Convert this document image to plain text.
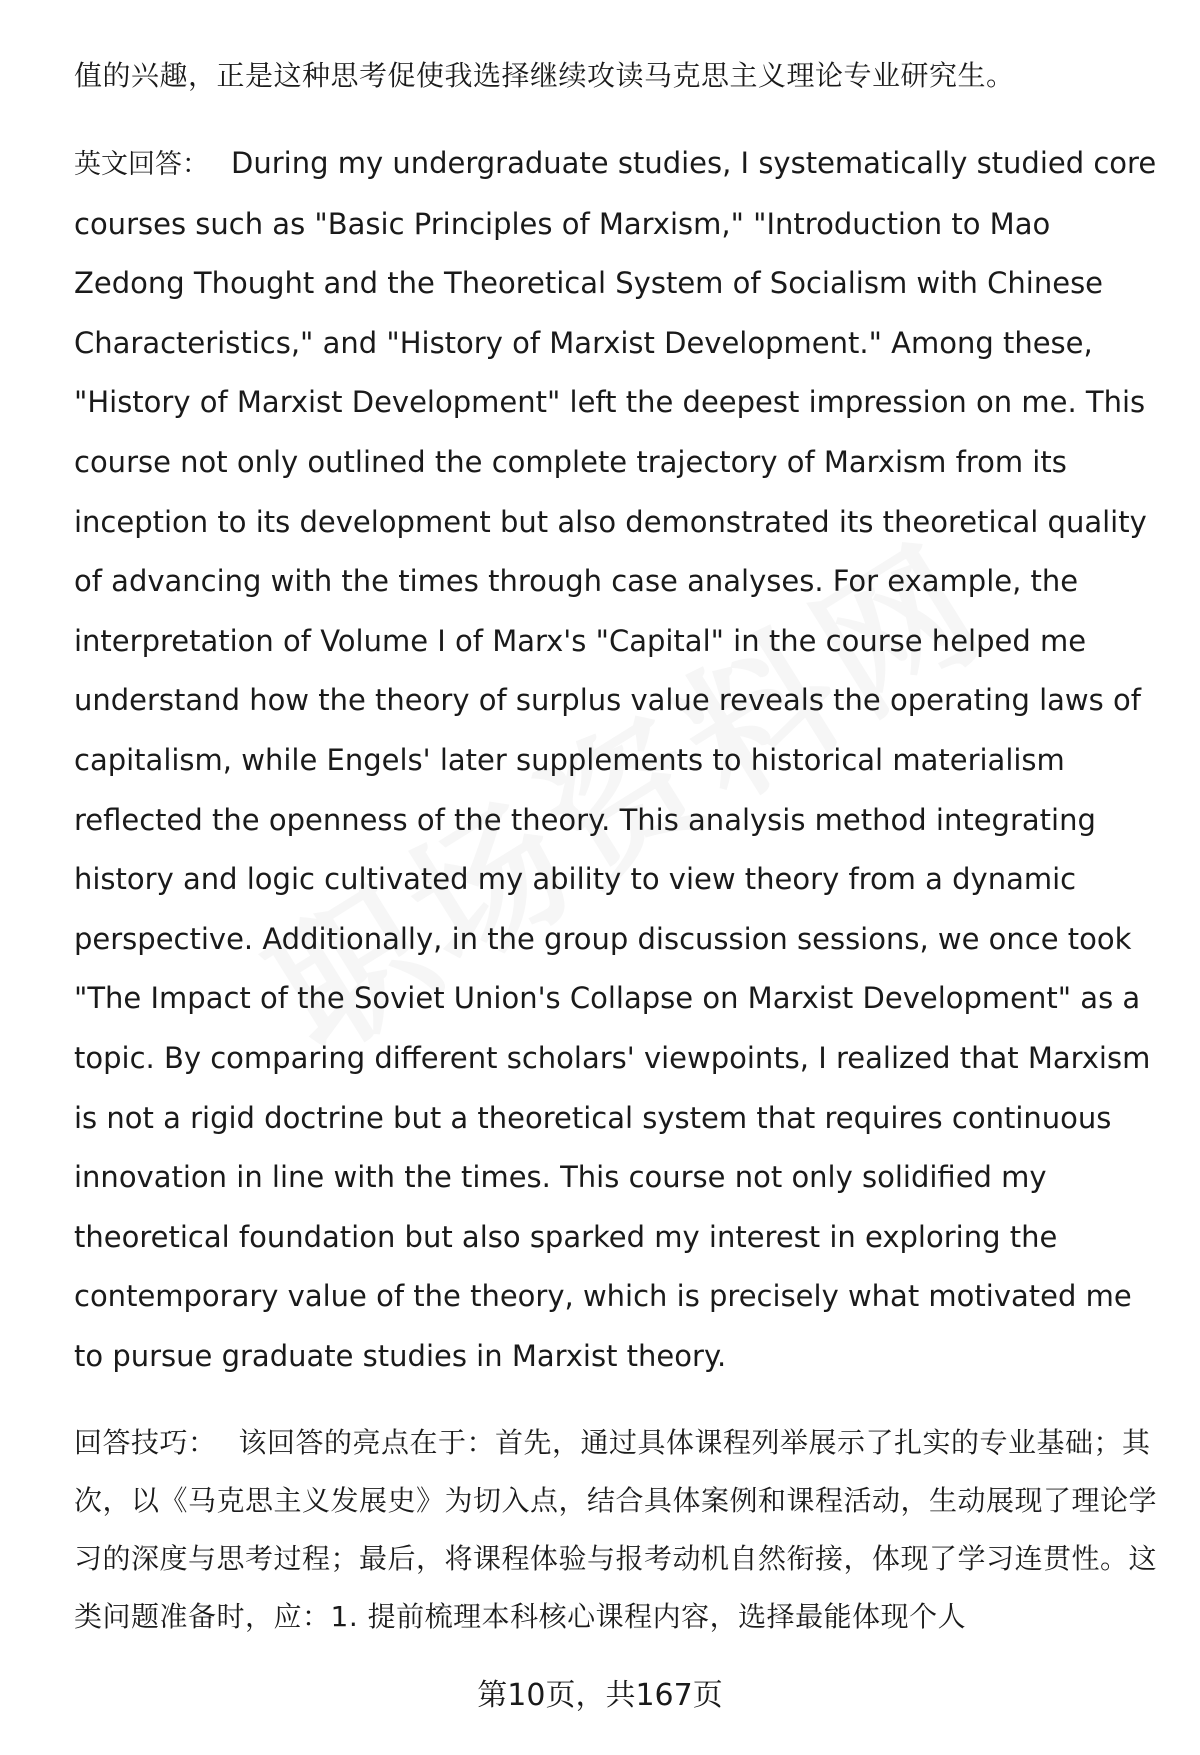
值的兴趣，正是这种思考促使我选择继续攻读马克思主义理论专业研究生。

英文回答： During my undergraduate studies, I systematically studied core courses such as "Basic Principles of Marxism," "Introduction to Mao Zedong Thought and the Theoretical System of Socialism with Chinese Characteristics," and "History of Marxist Development." Among these, "History of Marxist Development" left the deepest impression on me. This course not only outlined the complete trajectory of Marxism from its inception to its development but also demonstrated its theoretical quality of advancing with the times through case analyses. For example, the interpretation of Volume I of Marx's "Capital" in the course helped me understand how the theory of surplus value reveals the operating laws of capitalism, while Engels' later supplements to historical materialism reflected the openness of the theory. This analysis method integrating history and logic cultivated my ability to view theory from a dynamic perspective. Additionally, in the group discussion sessions, we once took "The Impact of the Soviet Union's Collapse on Marxist Development" as a topic. By comparing different scholars' viewpoints, I realized that Marxism is not a rigid doctrine but a theoretical system that requires continuous innovation in line with the times. This course not only solidified my theoretical foundation but also sparked my interest in exploring the contemporary value of the theory, which is precisely what motivated me to pursue graduate studies in Marxist theory.

回答技巧： 该回答的亮点在于：首先，通过具体课程列举展示了扎实的专业基础；其次，以《马克思主义发展史》为切入点，结合具体案例和课程活动，生动展现了理论学习的深度与思考过程；最后，将课程体验与报考动机自然衔接，体现了学习连贯性。这类问题准备时，应：1. 提前梳理本科核心课程内容，选择最能体现个人

第10页，共167页
